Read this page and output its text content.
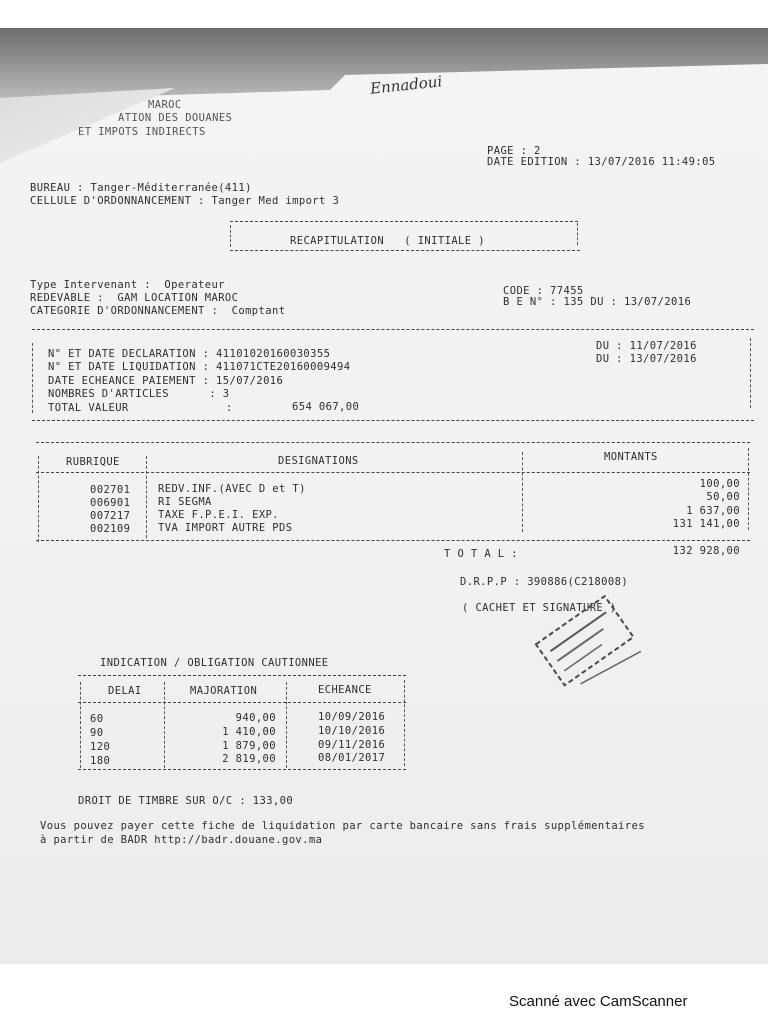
Ennadoui
MAROC
ATION DES DOUANES
ET IMPOTS INDIRECTS
PAGE : 2
DATE EDITION : 13/07/2016 11:49:05
BUREAU : Tanger-Méditerranée(411)
CELLULE D'ORDONNANCEMENT : Tanger Med import 3
RECAPITULATION   ( INITIALE )
Type Intervenant :  Operateur
REDEVABLE :  GAM LOCATION MAROC
CATEGORIE D'ORDONNANCEMENT :  Comptant
CODE : 77455
B E N° : 135 DU : 13/07/2016
N° ET DATE DECLARATION : 41101020160030355
DU : 11/07/2016
N° ET DATE LIQUIDATION : 411071CTE20160009494
DU : 13/07/2016
DATE ECHEANCE PAIEMENT : 15/07/2016
NOMBRES D'ARTICLES      : 3
TOTAL VALEUR	:	654 067,00
RUBRIQUE	DESIGNATIONS	MONTANTS
002701	REDV.INF.(AVEC D et T)	100,00
006901	RI SEGMA	50,00
007217	TAXE F.P.E.I. EXP.	1 637,00
002109	TVA IMPORT AUTRE PDS	131 141,00
T O T A L :	132 928,00
D.R.P.P : 390886(C218008)
( CACHET ET SIGNATURE )
INDICATION / OBLIGATION CAUTIONNEE
DELAI	MAJORATION	ECHEANCE
60	940,00	10/09/2016
90	1 410,00	10/10/2016
120	1 879,00	09/11/2016
180	2 819,00	08/01/2017
DROIT DE TIMBRE SUR O/C : 133,00
Vous pouvez payer cette fiche de liquidation par carte bancaire sans frais supplémentaires
à partir de BADR http://badr.douane.gov.ma
Scanné avec CamScanner
